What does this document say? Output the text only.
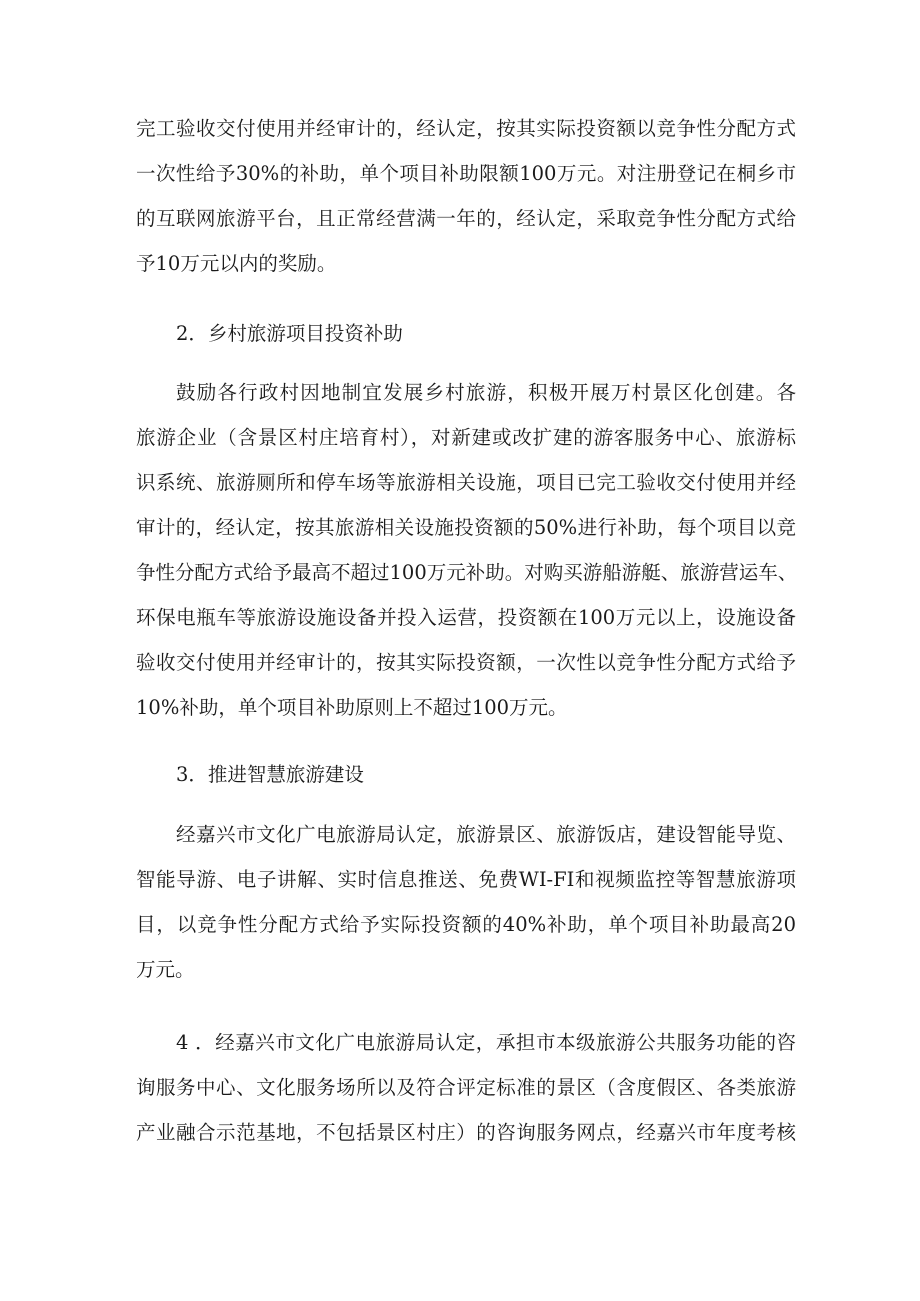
完工验收交付使用并经审计的，经认定，按其实际投资额以竞争性分配方式
一次性给予30%的补助，单个项目补助限额100万元。对注册登记在桐乡市
的互联网旅游平台，且正常经营满一年的，经认定，采取竞争性分配方式给
予10万元以内的奖励。
2．乡村旅游项目投资补助
鼓励各行政村因地制宜发展乡村旅游，积极开展万村景区化创建。各
旅游企业（含景区村庄培育村），对新建或改扩建的游客服务中心、旅游标
识系统、旅游厕所和停车场等旅游相关设施，项目已完工验收交付使用并经
审计的，经认定，按其旅游相关设施投资额的50%进行补助，每个项目以竞
争性分配方式给予最高不超过100万元补助。对购买游船游艇、旅游营运车、
环保电瓶车等旅游设施设备并投入运营，投资额在100万元以上，设施设备
验收交付使用并经审计的，按其实际投资额，一次性以竞争性分配方式给予
10%补助，单个项目补助原则上不超过100万元。
3．推进智慧旅游建设
经嘉兴市文化广电旅游局认定，旅游景区、旅游饭店，建设智能导览、
智能导游、电子讲解、实时信息推送、免费WI-FI和视频监控等智慧旅游项
目，以竞争性分配方式给予实际投资额的40%补助，单个项目补助最高20
万元。
4 ．经嘉兴市文化广电旅游局认定，承担市本级旅游公共服务功能的咨
询服务中心、文化服务场所以及符合评定标准的景区（含度假区、各类旅游
产业融合示范基地，不包括景区村庄）的咨询服务网点，经嘉兴市年度考核
